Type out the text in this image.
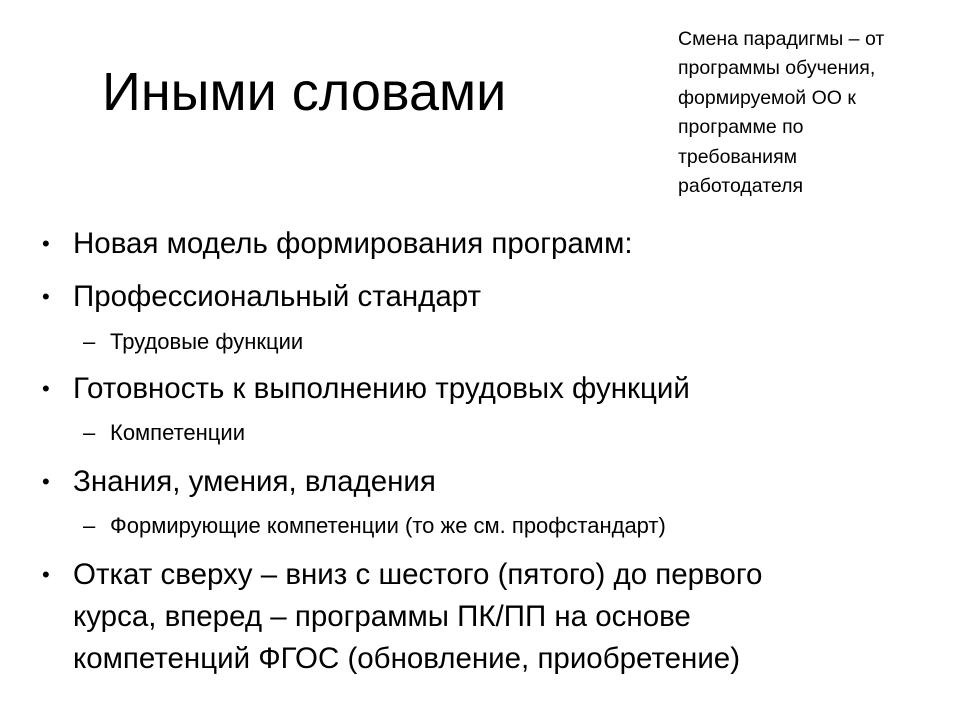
Иными словами
Смена парадигмы – от
программы обучения,
формируемой ОО к
программе по
требованиям
работодателя
• Новая модель формирования программ:
• Профессиональный стандарт
– Трудовые функции
• Готовность к выполнению трудовых функций
– Компетенции
• Знания, умения, владения
– Формирующие компетенции (то же см. профстандарт)
• Откат сверху – вниз с шестого (пятого) до первого
курса, вперед – программы ПК/ПП на основе
компетенций ФГОС (обновление, приобретение)
